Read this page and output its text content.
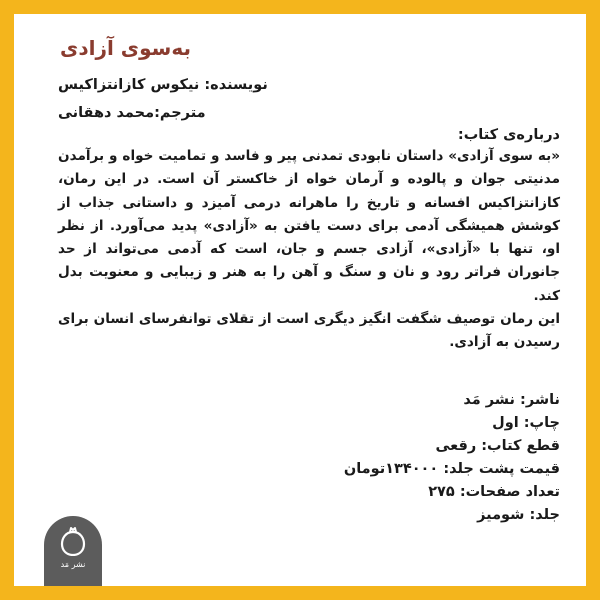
به‌سوی آزادی

نویسنده: نیکوس کازانتزاکیس

مترجم:محمد دهقانی

درباره‌ی کتاب:

«به سوی آزادی» داستان نابودی تمدنی پیر و فاسد و تمامیت خواه و برآمدن مدنیتی جوان و پالوده و آرمان خواه از خاکستر آن است. در این رمان، کازانتزاکیس افسانه و تاریخ را ماهرانه درمی آمیزد و داستانی جذاب از کوشش همیشگی آدمی برای دست یافتن به «آزادی» پدید می‌آورد. از نظر او، تنها با «آزادی»، آزادی جسم و جان، است که آدمی می‌تواند از حد جانوران فراتر رود و نان و سنگ و آهن را به هنر و زیبایی و معنویت بدل کند.

این رمان توصیف شگفت انگیز دیگری است از تقلای توانفرسای انسان برای رسیدن به آزادی.

ناشر: نشر مَد

چاپ: اول

قطع کتاب: رقعی

قیمت پشت جلد: ۱۳۴۰۰۰تومان

تعداد صفحات: ۲۷۵

جلد: شومیز

نشر مَد
